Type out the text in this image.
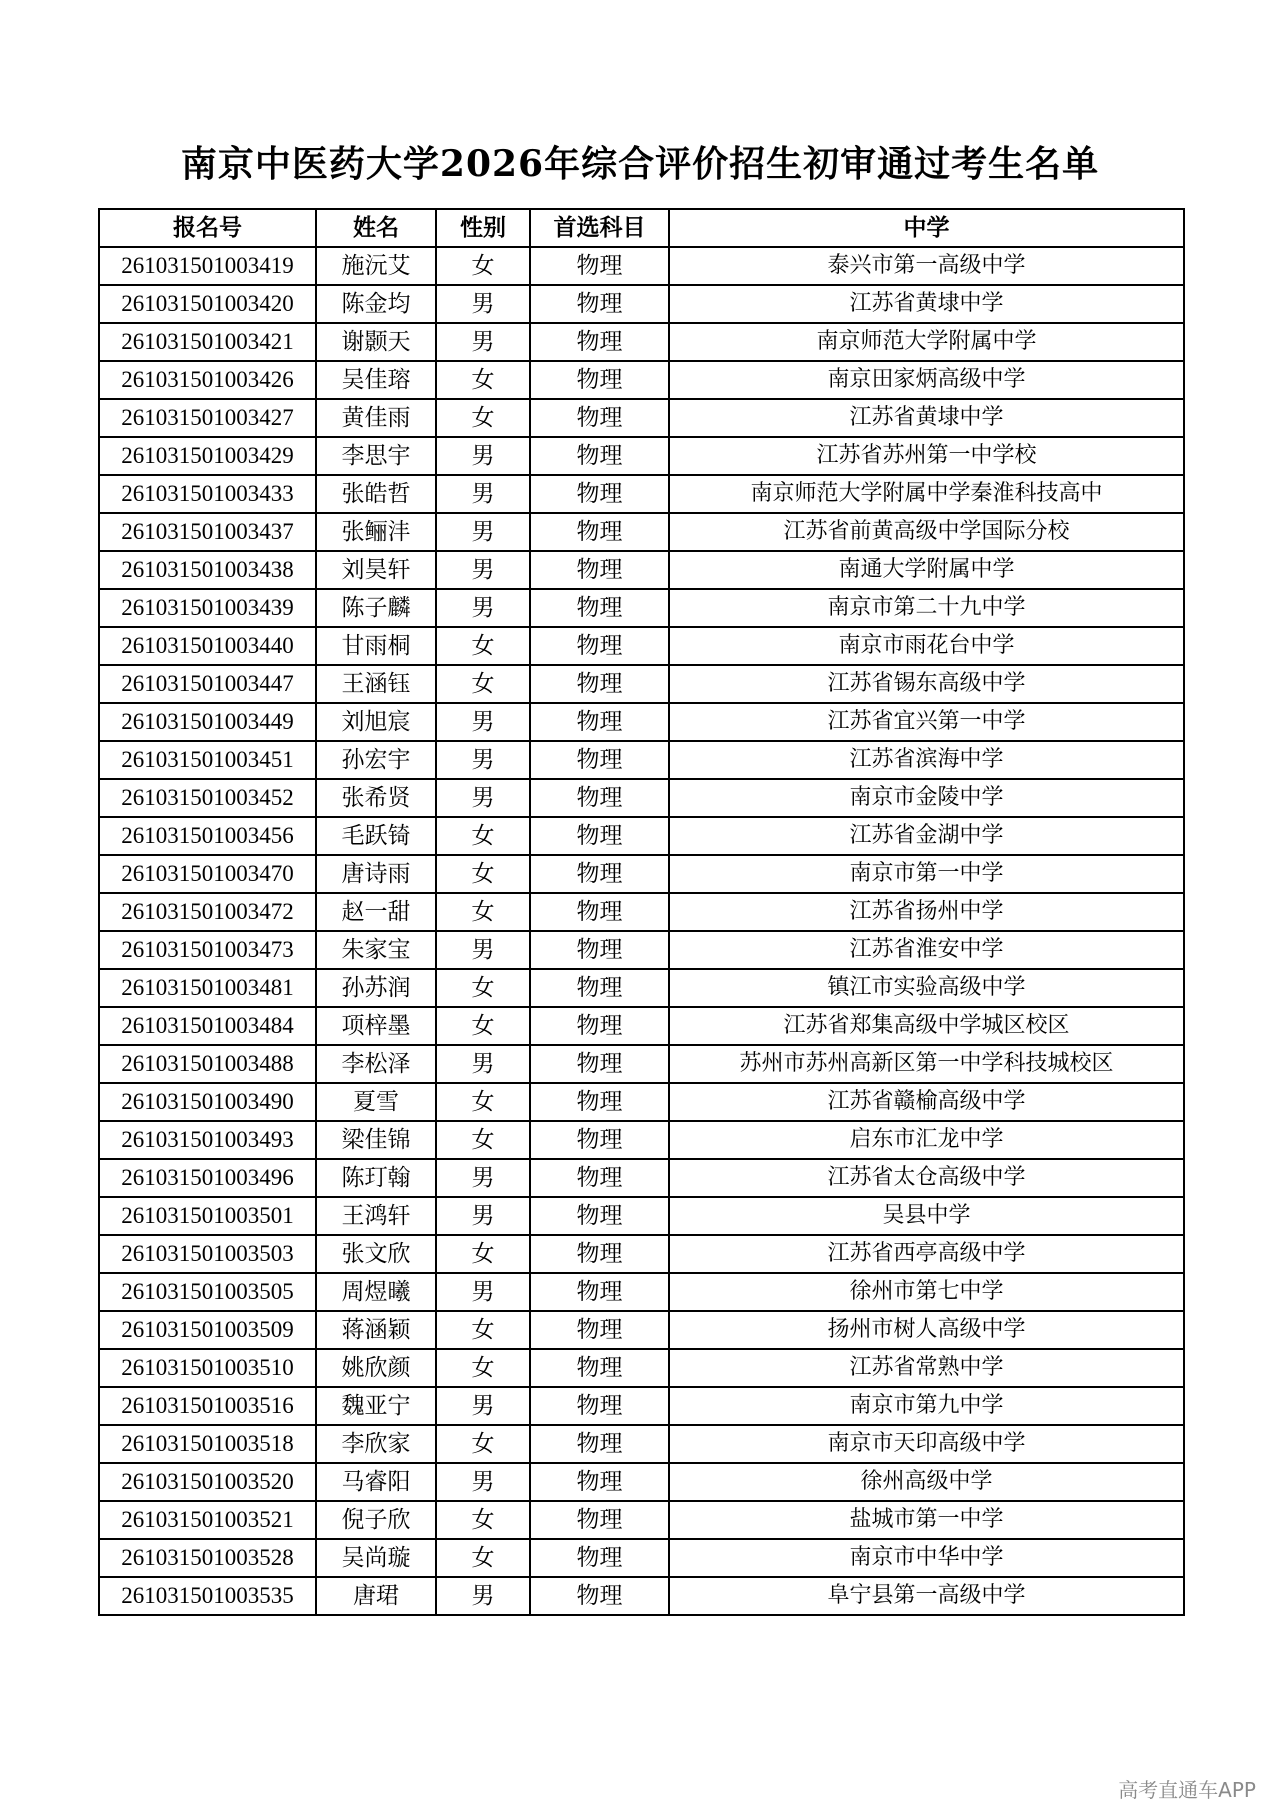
南京中医药大学2026年综合评价招生初审通过考生名单
报名号	姓名	性别	首选科目	中学
261031501003419	施沅艾	女	物理	泰兴市第一高级中学
261031501003420	陈金均	男	物理	江苏省黄埭中学
261031501003421	谢颢天	男	物理	南京师范大学附属中学
261031501003426	吴佳瑢	女	物理	南京田家炳高级中学
261031501003427	黄佳雨	女	物理	江苏省黄埭中学
261031501003429	李思宇	男	物理	江苏省苏州第一中学校
261031501003433	张皓哲	男	物理	南京师范大学附属中学秦淮科技高中
261031501003437	张鲡沣	男	物理	江苏省前黄高级中学国际分校
261031501003438	刘昊轩	男	物理	南通大学附属中学
261031501003439	陈子麟	男	物理	南京市第二十九中学
261031501003440	甘雨桐	女	物理	南京市雨花台中学
261031501003447	王涵钰	女	物理	江苏省锡东高级中学
261031501003449	刘旭宸	男	物理	江苏省宜兴第一中学
261031501003451	孙宏宇	男	物理	江苏省滨海中学
261031501003452	张希贤	男	物理	南京市金陵中学
261031501003456	毛跃锜	女	物理	江苏省金湖中学
261031501003470	唐诗雨	女	物理	南京市第一中学
261031501003472	赵一甜	女	物理	江苏省扬州中学
261031501003473	朱家宝	男	物理	江苏省淮安中学
261031501003481	孙苏润	女	物理	镇江市实验高级中学
261031501003484	项梓墨	女	物理	江苏省郑集高级中学城区校区
261031501003488	李松泽	男	物理	苏州市苏州高新区第一中学科技城校区
261031501003490	夏雪	女	物理	江苏省赣榆高级中学
261031501003493	梁佳锦	女	物理	启东市汇龙中学
261031501003496	陈玎翰	男	物理	江苏省太仓高级中学
261031501003501	王鸿轩	男	物理	吴县中学
261031501003503	张文欣	女	物理	江苏省西亭高级中学
261031501003505	周煜曦	男	物理	徐州市第七中学
261031501003509	蒋涵颖	女	物理	扬州市树人高级中学
261031501003510	姚欣颜	女	物理	江苏省常熟中学
261031501003516	魏亚宁	男	物理	南京市第九中学
261031501003518	李欣家	女	物理	南京市天印高级中学
261031501003520	马睿阳	男	物理	徐州高级中学
261031501003521	倪子欣	女	物理	盐城市第一中学
261031501003528	吴尚璇	女	物理	南京市中华中学
261031501003535	唐珺	男	物理	阜宁县第一高级中学
高考直通车APP
